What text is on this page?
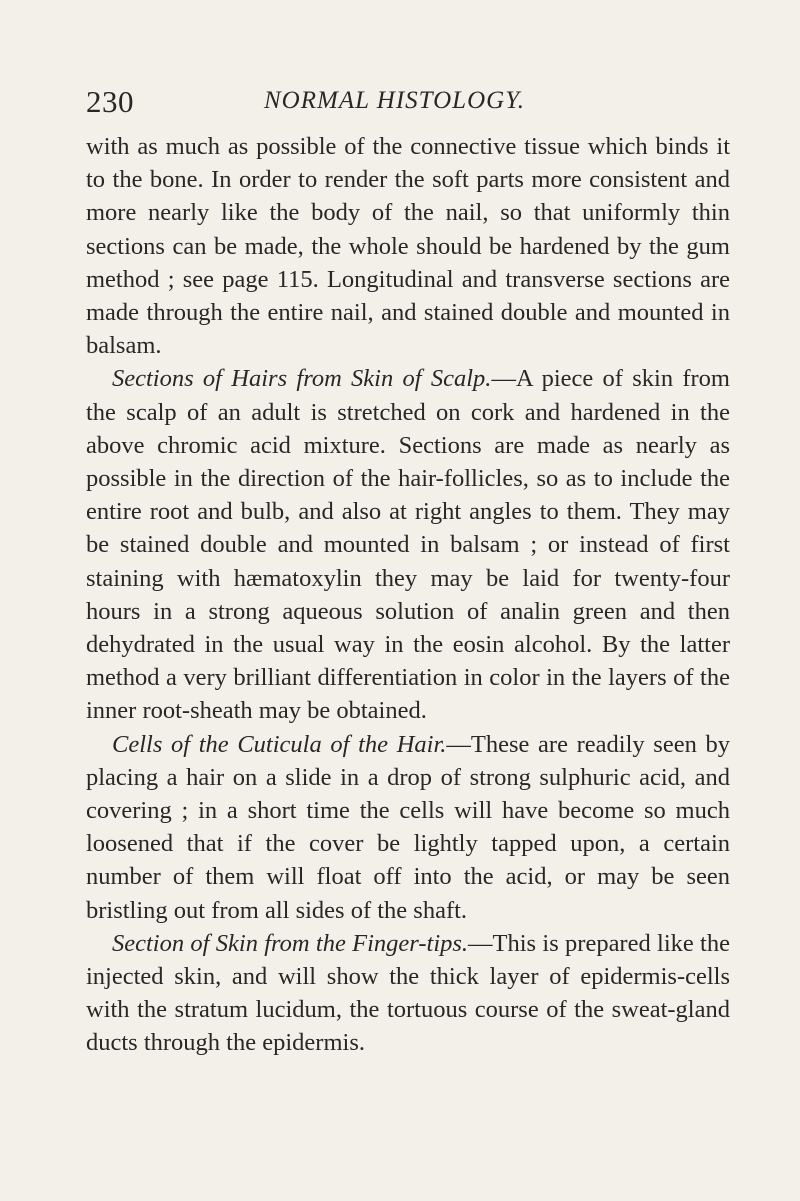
230	NORMAL HISTOLOGY.

with as much as possible of the connective tissue which binds it to the bone. In order to render the soft parts more consistent and more nearly like the body of the nail, so that uniformly thin sections can be made, the whole should be hardened by the gum method ; see page 115. Longitudinal and transverse sections are made through the entire nail, and stained double and mounted in balsam.

Sections of Hairs from Skin of Scalp.—A piece of skin from the scalp of an adult is stretched on cork and hardened in the above chromic acid mixture. Sections are made as nearly as possible in the direction of the hair-follicles, so as to include the entire root and bulb, and also at right angles to them. They may be stained double and mounted in balsam ; or instead of first staining with hæmatoxylin they may be laid for twenty-four hours in a strong aqueous solution of analin green and then dehydrated in the usual way in the eosin alcohol. By the latter method a very brilliant differentiation in color in the layers of the inner root-sheath may be obtained.

Cells of the Cuticula of the Hair.—These are readily seen by placing a hair on a slide in a drop of strong sulphuric acid, and covering ; in a short time the cells will have become so much loosened that if the cover be lightly tapped upon, a certain number of them will float off into the acid, or may be seen bristling out from all sides of the shaft.

Section of Skin from the Finger-tips.—This is prepared like the injected skin, and will show the thick layer of epidermis-cells with the stratum lucidum, the tortuous course of the sweat-gland ducts through the epidermis.
